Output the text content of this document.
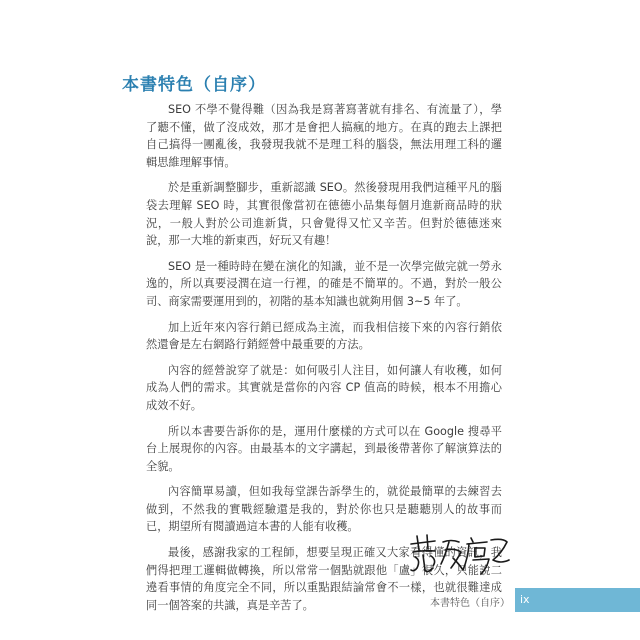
本書特色（自序）

SEO 不學不覺得難（因為我是寫著寫著就有排名、有流量了），學了聽不懂，做了沒成效，那才是會把人搞瘋的地方。在真的跑去上課把自己搞得一團亂後，我發現我就不是理工科的腦袋，無法用理工科的邏輯思維理解事情。

於是重新調整腳步，重新認識 SEO。然後發現用我們這種平凡的腦袋去理解 SEO 時，其實很像當初在德德小品集每個月進新商品時的狀況，一般人對於公司進新貨，只會覺得又忙又辛苦。但對於德德迷來說，那一大堆的新東西，好玩又有趣！

SEO 是一種時時在變在演化的知識，並不是一次學完做完就一勞永逸的，所以真要浸潤在這一行裡，的確是不簡單的。不過，對於一般公司、商家需要運用到的，初階的基本知識也就夠用個 3~5 年了。

加上近年來內容行銷已經成為主流，而我相信接下來的內容行銷依然還會是左右網路行銷經營中最重要的方法。

內容的經營說穿了就是：如何吸引人注目，如何讓人有收穫，如何成為人們的需求。其實就是當你的內容 CP 值高的時候，根本不用擔心成效不好。

所以本書要告訴你的是，運用什麼樣的方式可以在 Google 搜尋平台上展現你的內容。由最基本的文字講起，到最後帶著你了解演算法的全貌。

內容簡單易讀，但如我每堂課告訴學生的，就從最簡單的去練習去做到，不然我的實戰經驗還是我的，對於你也只是聽聽別人的故事而已，期望所有閱讀過這本書的人能有收穫。

最後，感謝我家的工程師，想要呈現正確又大家看得懂的資訊，我們得把理工邏輯做轉換，所以常常一個點就跟他「盧」很久，只能說二遶看事情的角度完全不同，所以重點跟結論常會不一樣，也就很難達成同一個答案的共識，真是辛苦了。	本書特色（自序） ix
